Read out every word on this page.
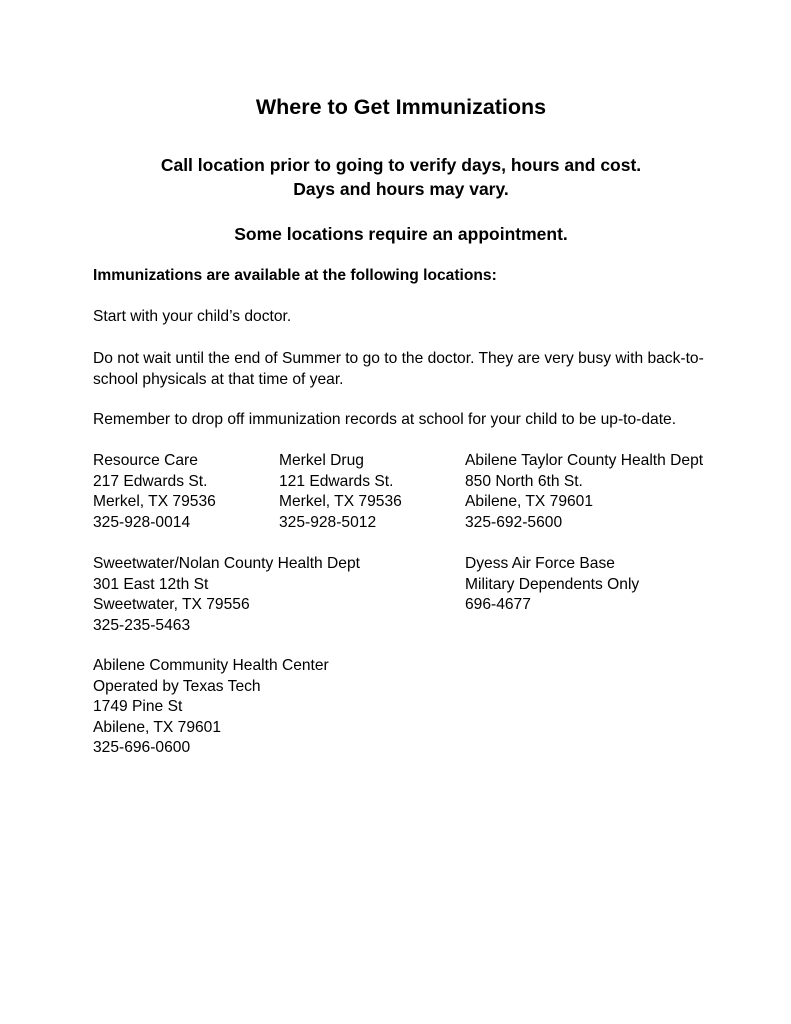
Where to Get Immunizations

Call location prior to going to verify days, hours and cost.

Days and hours may vary.

Some locations require an appointment.

Immunizations are available at the following locations:

Start with your child’s doctor.

Do not wait until the end of Summer to go to the doctor. They are very busy with back-to-school physicals at that time of year.

Remember to drop off immunization records at school for your child to be up-to-date.

Resource Care
217 Edwards St.
Merkel, TX 79536
325-928-0014
Merkel Drug
121 Edwards St.
Merkel, TX 79536
325-928-5012
Abilene Taylor County Health Dept
850 North 6th St.
Abilene, TX 79601
325-692-5600
Sweetwater/Nolan County Health Dept
301 East 12th St
Sweetwater, TX 79556
325-235-5463
Dyess Air Force Base
Military Dependents Only
696-4677
Abilene Community Health Center
Operated by Texas Tech
1749 Pine St
Abilene, TX 79601
325-696-0600
